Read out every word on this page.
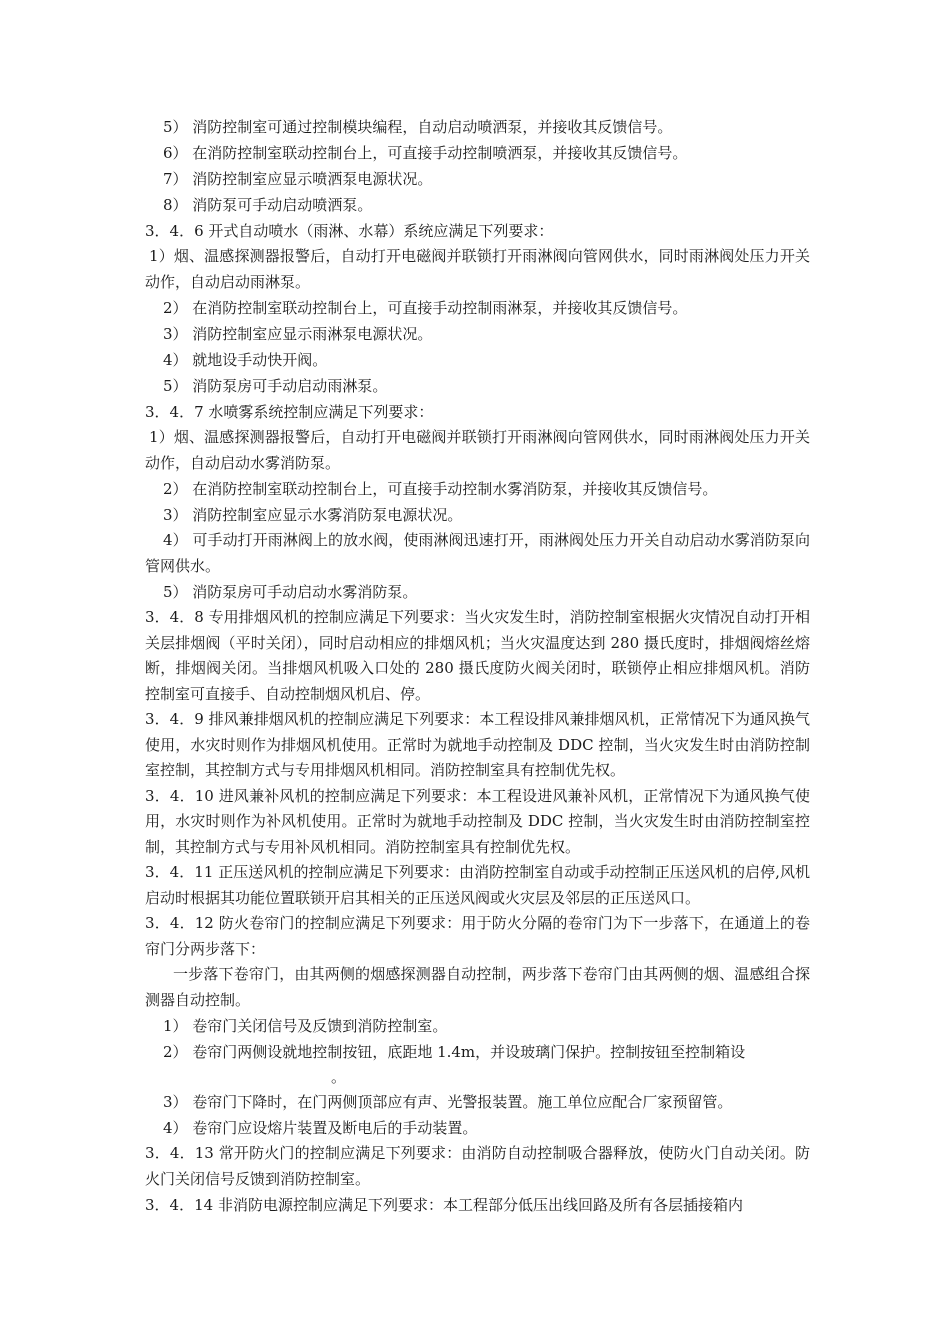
5） 消防控制室可通过控制模块编程，自动启动喷洒泵，并接收其反馈信号。
6） 在消防控制室联动控制台上，可直接手动控制喷洒泵，并接收其反馈信号。
7） 消防控制室应显示喷洒泵电源状况。
8） 消防泵可手动启动喷洒泵。
3．4．6 开式自动喷水（雨淋、水幕）系统应满足下列要求：

1）烟、温感探测器报警后，自动打开电磁阀并联锁打开雨淋阀向管网供水，同时雨淋阀处压力开关动作，自动启动雨淋泵。

2） 在消防控制室联动控制台上，可直接手动控制雨淋泵，并接收其反馈信号。
3） 消防控制室应显示雨淋泵电源状况。
4） 就地设手动快开阀。
5） 消防泵房可手动启动雨淋泵。
3．4．7 水喷雾系统控制应满足下列要求：

1）烟、温感探测器报警后，自动打开电磁阀并联锁打开雨淋阀向管网供水，同时雨淋阀处压力开关动作，自动启动水雾消防泵。

2） 在消防控制室联动控制台上，可直接手动控制水雾消防泵，并接收其反馈信号。
3） 消防控制室应显示水雾消防泵电源状况。

4） 可手动打开雨淋阀上的放水阀，使雨淋阀迅速打开，雨淋阀处压力开关自动启动水雾消防泵向管网供水。

5） 消防泵房可手动启动水雾消防泵。

3．4．8 专用排烟风机的控制应满足下列要求：当火灾发生时，消防控制室根据火灾情况自动打开相关层排烟阀（平时关闭），同时启动相应的排烟风机；当火灾温度达到 280 摄氏度时，排烟阀熔丝熔断，排烟阀关闭。当排烟风机吸入口处的 280 摄氏度防火阀关闭时，联锁停止相应排烟风机。消防控制室可直接手、自动控制烟风机启、停。

3．4．9 排风兼排烟风机的控制应满足下列要求：本工程设排风兼排烟风机，正常情况下为通风换气使用，水灾时则作为排烟风机使用。正常时为就地手动控制及 DDC 控制，当火灾发生时由消防控制室控制，其控制方式与专用排烟风机相同。消防控制室具有控制优先权。

3．4．10 进风兼补风机的控制应满足下列要求：本工程设进风兼补风机，正常情况下为通风换气使用，水灾时则作为补风机使用。正常时为就地手动控制及 DDC 控制，当火灾发生时由消防控制室控制，其控制方式与专用补风机相同。消防控制室具有控制优先权。

3．4．11 正压送风机的控制应满足下列要求：由消防控制室自动或手动控制正压送风机的启停,风机启动时根据其功能位置联锁开启其相关的正压送风阀或火灾层及邻层的正压送风口。

3．4．12 防火卷帘门的控制应满足下列要求：用于防火分隔的卷帘门为下一步落下，在通道上的卷帘门分两步落下：

一步落下卷帘门，由其两侧的烟感探测器自动控制，两步落下卷帘门由其两侧的烟、温感组合探测器自动控制。

1） 卷帘门关闭信号及反馈到消防控制室。
2） 卷帘门两侧设就地控制按钮，底距地 1.4m，并设玻璃门保护。控制按钮至控制箱设
。
3） 卷帘门下降时，在门两侧顶部应有声、光警报装置。施工单位应配合厂家预留管。
4） 卷帘门应设熔片装置及断电后的手动装置。

3．4．13 常开防火门的控制应满足下列要求：由消防自动控制吸合器释放，使防火门自动关闭。防火门关闭信号反馈到消防控制室。

3．4．14 非消防电源控制应满足下列要求：本工程部分低压出线回路及所有各层插接箱内
